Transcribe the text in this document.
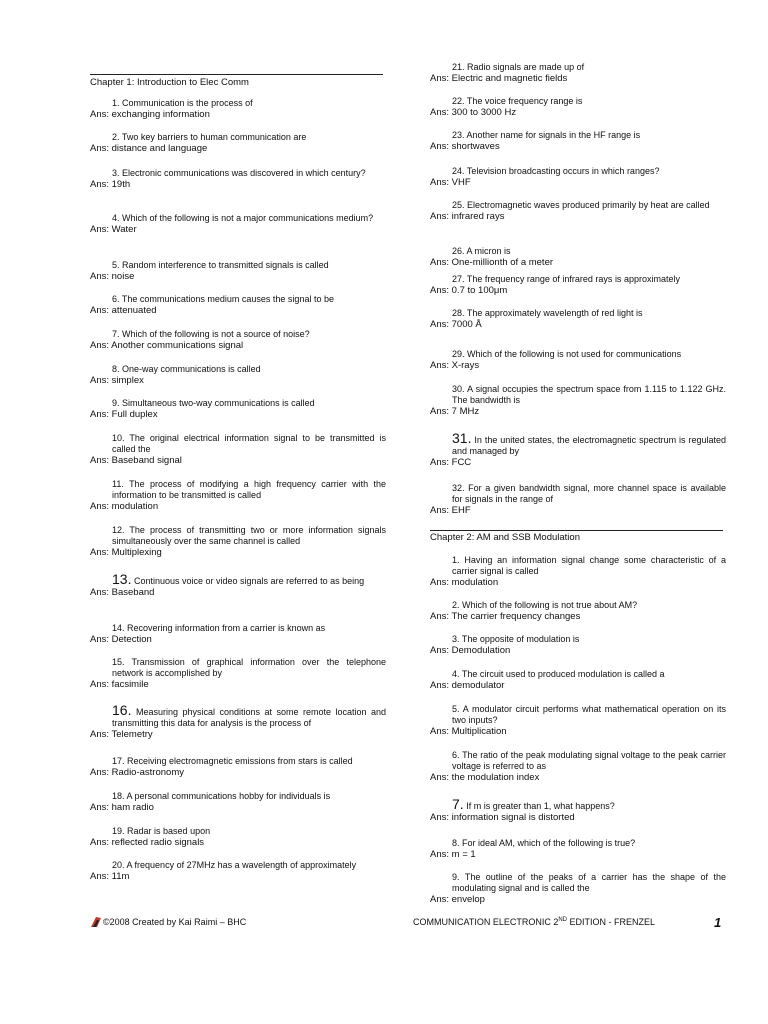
Chapter 1: Introduction to Elec Comm
1. Communication is the process of
Ans: exchanging information
2. Two key barriers to human communication are
Ans: distance and language
3. Electronic communications was discovered in which century?
Ans: 19th
4. Which of the following is not a major communications medium?
Ans: Water
5. Random interference to transmitted signals is called
Ans: noise
6. The communications medium causes the signal to be
Ans: attenuated
7. Which of the following is not a source of noise?
Ans: Another communications signal
8. One-way communications is called
Ans: simplex
9. Simultaneous two-way communications is called
Ans: Full duplex
10. The original electrical information signal to be transmitted is called the
Ans: Baseband signal
11. The process of modifying a high frequency carrier with the information to be transmitted is called
Ans: modulation
12. The process of transmitting two or more information signals simultaneously over the same channel is called
Ans: Multiplexing
13. Continuous voice or video signals are referred to as being
Ans: Baseband
14. Recovering information from a carrier is known as
Ans: Detection
15. Transmission of graphical information over the telephone network is accomplished by
Ans: facsimile
16. Measuring physical conditions at some remote location and transmitting this data for analysis is the process of
Ans: Telemetry
17. Receiving electromagnetic emissions from stars is called
Ans: Radio-astronomy
18. A personal communications hobby for individuals is
Ans: ham radio
19. Radar is based upon
Ans: reflected radio signals
20. A frequency of 27MHz has a wavelength of approximately
Ans: 11m
Chapter 2: AM and SSB Modulation
21. Radio signals are made up of
Ans: Electric and magnetic fields
22. The voice frequency range is
Ans: 300 to 3000 Hz
23. Another name for signals in the HF range is
Ans: shortwaves
24. Television broadcasting occurs in which ranges?
Ans: VHF
25. Electromagnetic waves produced primarily by heat are called
Ans: infrared rays
26. A micron is
Ans: One-millionth of a meter
27. The frequency range of infrared rays is approximately
Ans: 0.7 to 100μm
28. The approximately wavelength of red light is
Ans: 7000 Å
29. Which of the following is not used for communications
Ans: X-rays
30. A signal occupies the spectrum space from 1.115 to 1.122 GHz. The bandwidth is
Ans: 7 MHz
31. In the united states, the electromagnetic spectrum is regulated and managed by
Ans: FCC
32. For a given bandwidth signal, more channel space is available for signals in the range of
Ans: EHF
1. Having an information signal change some characteristic of a carrier signal is called
Ans: modulation
2. Which of the following is not true about AM?
Ans: The carrier frequency changes
3. The opposite of modulation is
Ans: Demodulation
4. The circuit used to produced modulation is called a
Ans: demodulator
5. A modulator circuit performs what mathematical operation on its two inputs?
Ans: Multiplication
6. The ratio of the peak modulating signal voltage to the peak carrier voltage is referred to as
Ans: the modulation index
7. If m is greater than 1, what happens?
Ans: information signal is distorted
8. For ideal AM, which of the following is true?
Ans: m = 1
9. The outline of the peaks of a carrier has the shape of the modulating signal and is called the
Ans: envelop
©2008 Created by Kai Raimi – BHC	COMMUNICATION ELECTRONIC 2ND EDITION - FRENZEL	1
